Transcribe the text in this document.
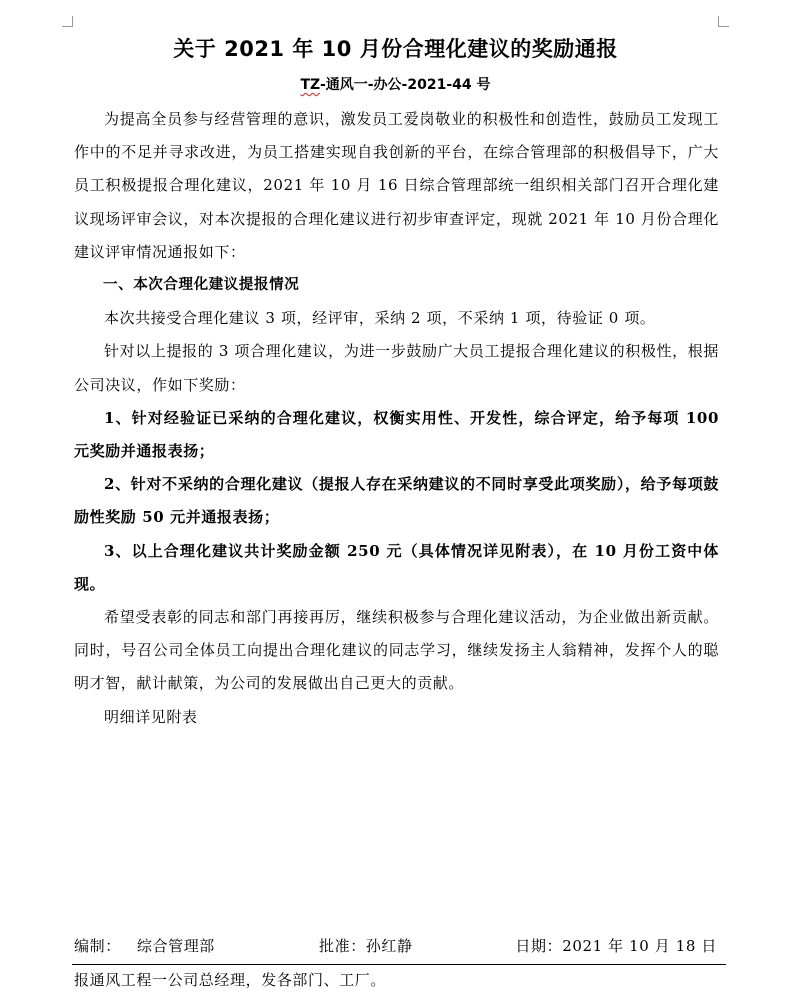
关于 2021 年 10 月份合理化建议的奖励通报
TZ-通风一-办公-2021-44 号

为提高全员参与经营管理的意识，激发员工爱岗敬业的积极性和创造性，鼓励员工发现工作中的不足并寻求改进，为员工搭建实现自我创新的平台，在综合管理部的积极倡导下，广大员工积极提报合理化建议，2021 年 10 月 16 日综合管理部统一组织相关部门召开合理化建议现场评审会议，对本次提报的合理化建议进行初步审查评定，现就 2021 年 10 月份合理化建议评审情况通报如下：

一、本次合理化建议提报情况

本次共接受合理化建议 3 项，经评审，采纳 2 项，不采纳 1 项，待验证 0 项。

针对以上提报的 3 项合理化建议，为进一步鼓励广大员工提报合理化建议的积极性，根据公司决议，作如下奖励：

1、针对经验证已采纳的合理化建议，权衡实用性、开发性，综合评定，给予每项 100 元奖励并通报表扬；

2、针对不采纳的合理化建议（提报人存在采纳建议的不同时享受此项奖励），给予每项鼓励性奖励 50 元并通报表扬；

3、以上合理化建议共计奖励金额 250 元（具体情况详见附表），在 10 月份工资中体现。

希望受表彰的同志和部门再接再厉，继续积极参与合理化建议活动，为企业做出新贡献。同时，号召公司全体员工向提出合理化建议的同志学习，继续发扬主人翁精神，发挥个人的聪明才智，献计献策，为公司的发展做出自己更大的贡献。

明细详见附表

编制：   综合管理部	批准：孙红静	日期：2021 年 10 月 18 日
报通风工程一公司总经理，发各部门、工厂。
